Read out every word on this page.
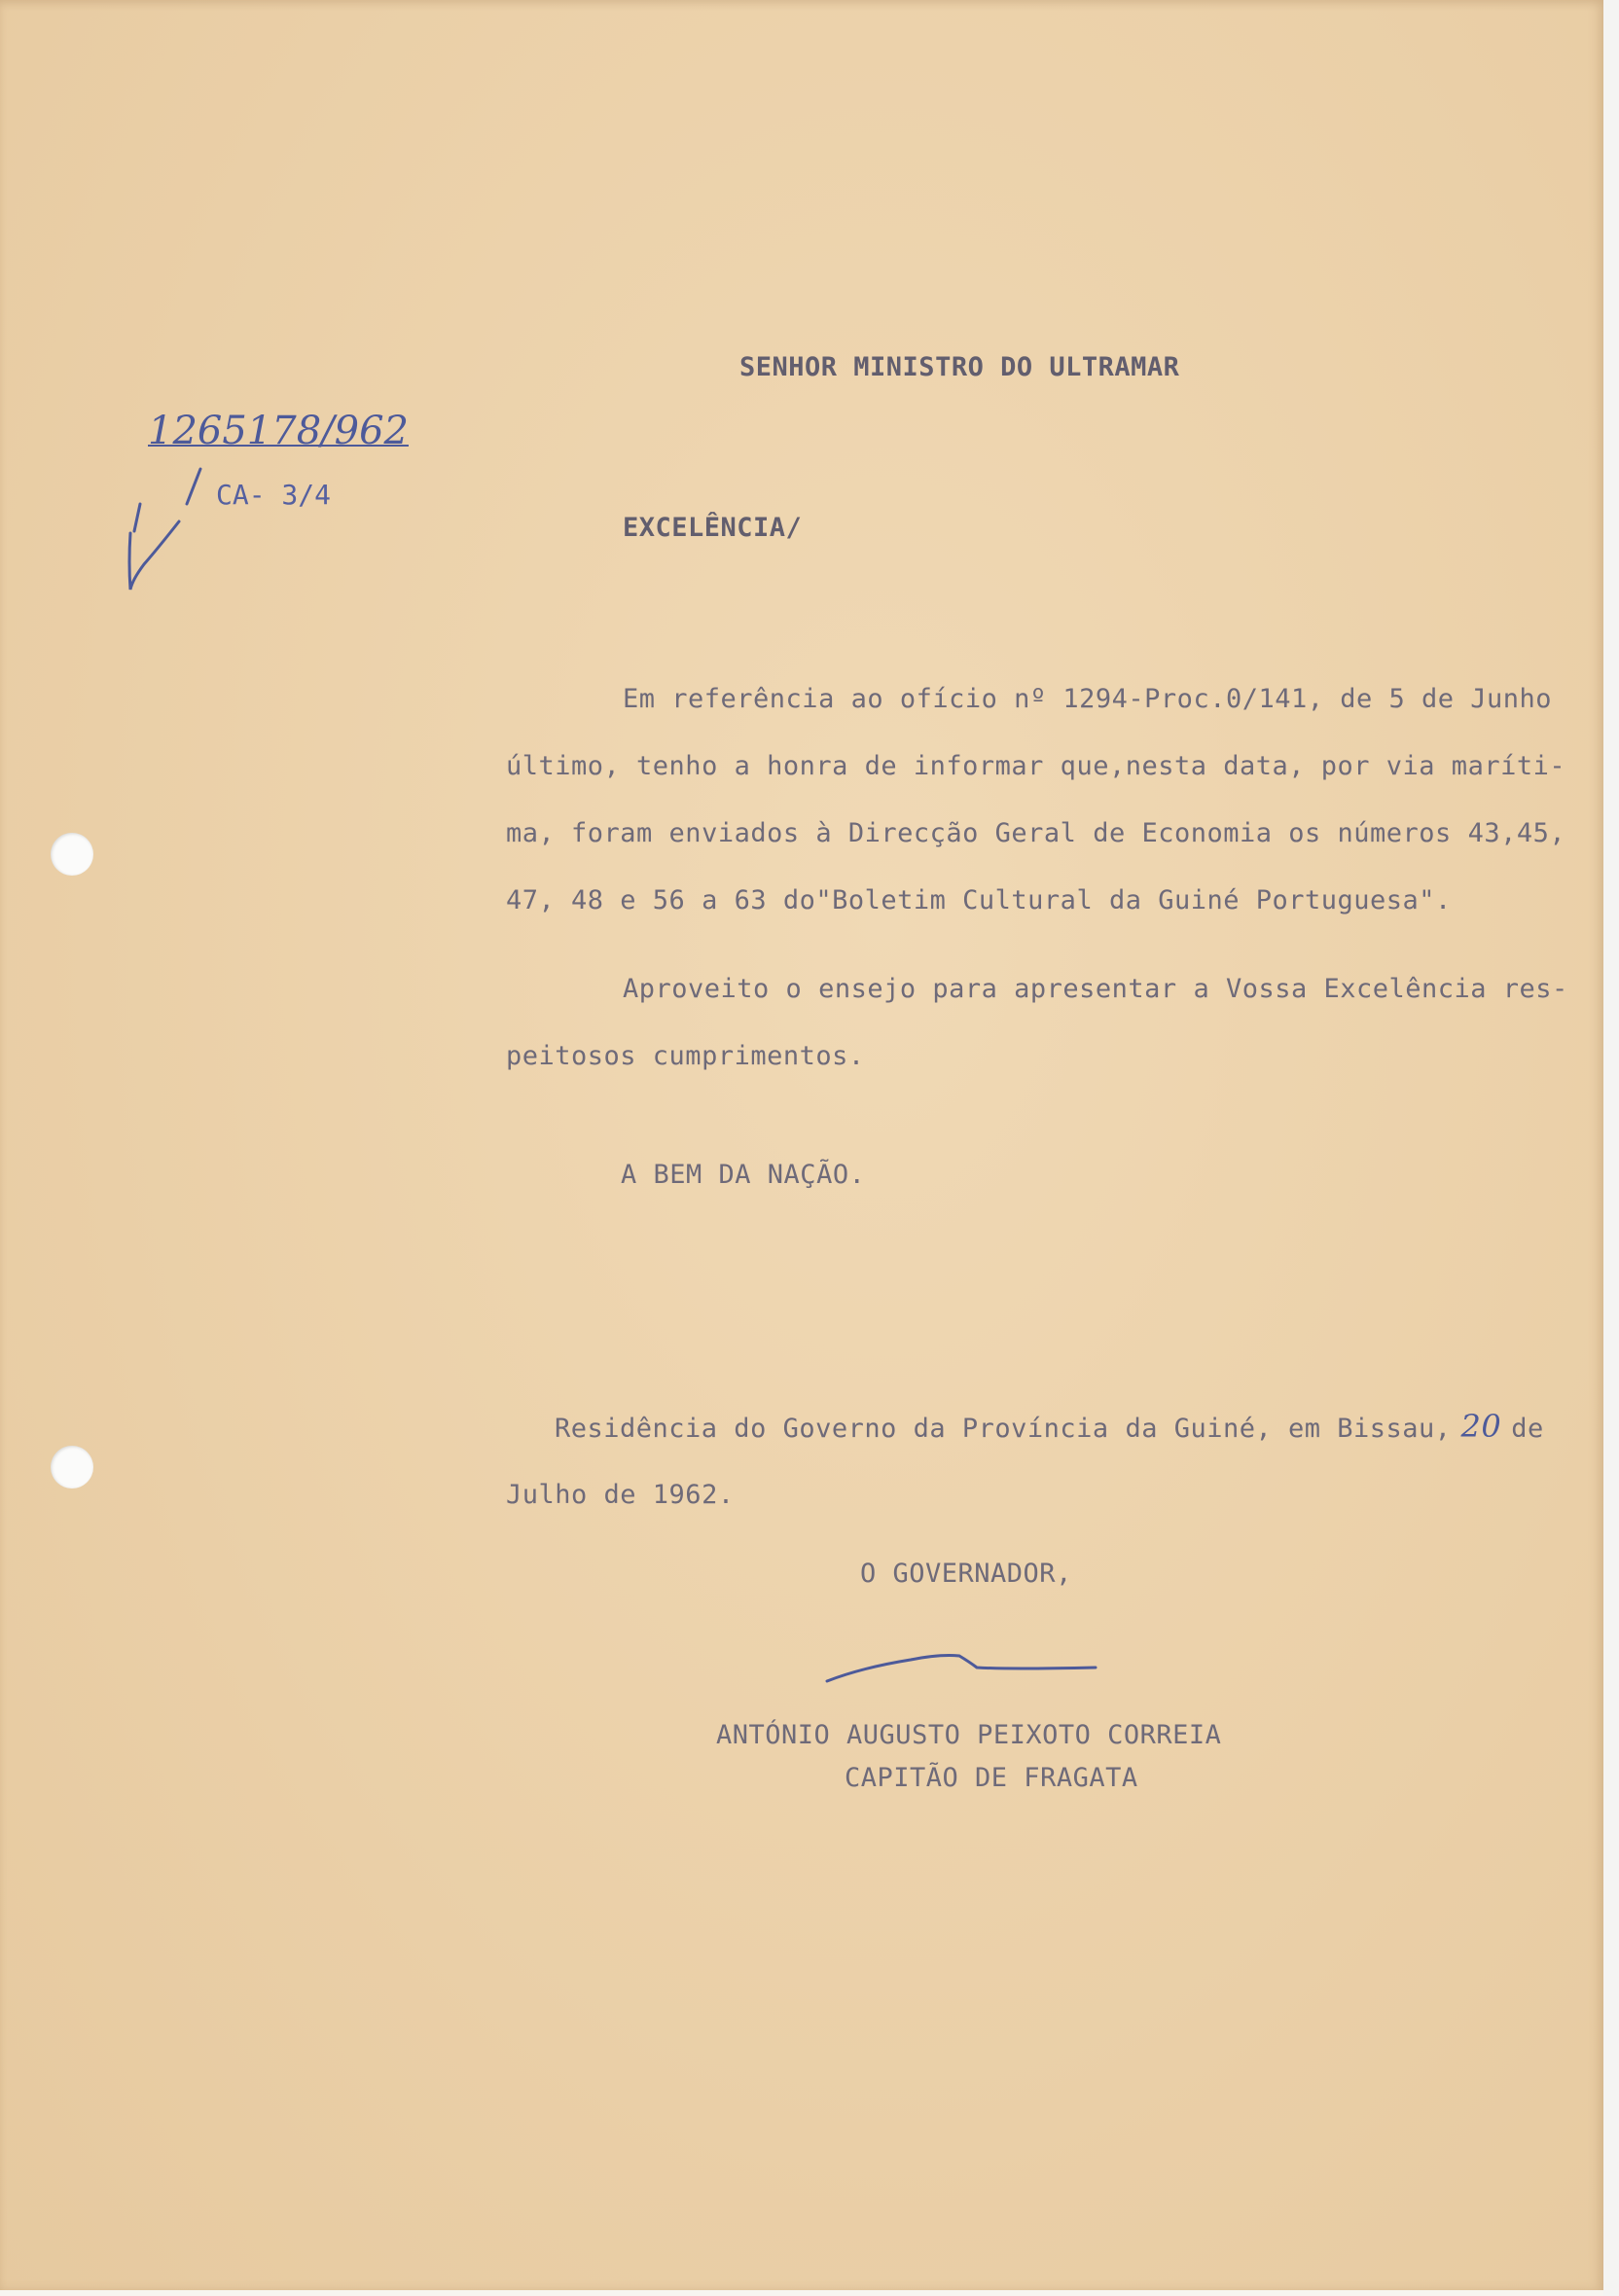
SENHOR MINISTRO DO ULTRAMAR
1265178/962
CA- 3/4
EXCELÊNCIA/
Em referência ao ofício nº 1294-Proc.0/141, de 5 de Junho
último, tenho a honra de informar que,nesta data, por via maríti-
ma, foram enviados à Direcção Geral de Economia os números 43,45,
47, 48 e 56 a 63 do"Boletim Cultural da Guiné Portuguesa".
Aproveito o ensejo para apresentar a Vossa Excelência res-
peitosos cumprimentos.
A BEM DA NAÇÃO.
Residência do Governo da Província da Guiné, em Bissau, 20 de
Julho de 1962.
O GOVERNADOR,
ANTÓNIO AUGUSTO PEIXOTO CORREIA
CAPITÃO DE FRAGATA
